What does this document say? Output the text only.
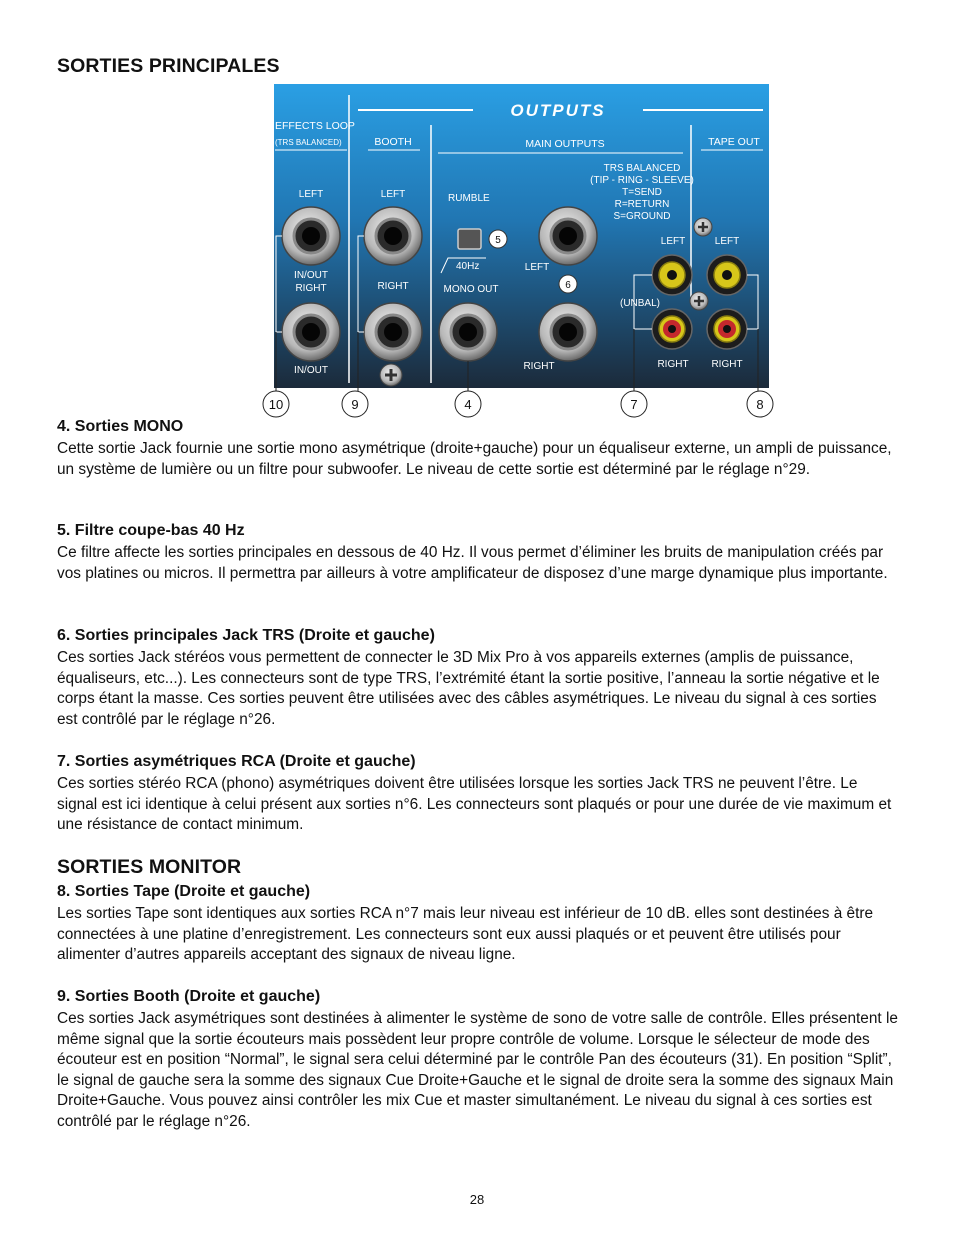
SORTIES PRINCIPALES
4. Sorties MONO

Cette sortie Jack fournie une sortie mono asymétrique (droite+gauche) pour un équaliseur externe, un ampli de puissance, un système de lumière ou un filtre pour subwoofer. Le niveau de cette sortie est déterminé par le réglage n°29.

5. Filtre coupe-bas 40 Hz

Ce filtre affecte les sorties principales en dessous de 40 Hz. Il vous permet d’éliminer les bruits de manipulation créés par vos platines ou micros. Il permettra par ailleurs à votre amplificateur de disposez d’une marge dynamique plus importante.

6. Sorties principales Jack TRS (Droite et gauche)

Ces sorties Jack stéréos vous permettent de connecter le 3D Mix Pro à vos appareils externes (amplis de puissance, équaliseurs, etc...). Les connecteurs sont de type TRS, l’extrémité étant la sortie positive, l’anneau la sortie négative et le corps étant la masse. Ces sorties peuvent être utilisées avec des câbles asymétriques. Le niveau du signal à ces sorties est contrôlé par le réglage n°26.

7. Sorties asymétriques RCA (Droite et gauche)

Ces sorties stéréo RCA (phono) asymétriques doivent être utilisées lorsque les sorties Jack TRS ne peuvent l’être. Le signal est ici identique à celui présent aux sorties n°6. Les connecteurs sont plaqués or pour une durée de vie maximum et une résistance de contact minimum.

SORTIES MONITOR
8. Sorties Tape (Droite et gauche)

Les sorties Tape sont identiques aux sorties RCA n°7 mais leur niveau est inférieur de 10 dB. elles sont destinées à être connectées à une platine d’enregistrement. Les connecteurs sont eux aussi plaqués or et peuvent être utilisés pour alimenter d’autres appareils acceptant des signaux de niveau ligne.

9. Sorties Booth (Droite et gauche)

Ces sorties Jack asymétriques sont destinées à alimenter le système de sono de votre salle de contrôle. Elles présentent le même signal que la sortie écouteurs mais possèdent leur propre contrôle de volume. Lorsque le sélecteur de mode des écouteur est en position “Normal”, le signal sera celui déterminé par le contrôle Pan des écouteurs (31). En position “Split”, le signal de gauche sera la somme des signaux Cue Droite+Gauche et le signal de droite sera la somme des signaux Main Droite+Gauche. Vous pouvez ainsi contrôler les mix Cue et master simultanément. Le niveau du signal à ces sorties est contrôlé par le réglage n°26.

OUTPUTS
EFFECTS LOOP
(TRS BALANCED)	BOOTH	MAIN OUTPUTS	TAPE OUT
TRS BALANCED
(TIP - RING - SLEEVE)
T=SEND
R=RETURN
S=GROUND
LEFT
IN/OUT
RIGHT
IN/OUT
LEFT
RIGHT
RUMBLE
40Hz
5
MONO OUT
LEFT
6
RIGHT
LEFT	LEFT
(UNBAL)
RIGHT RIGHT
10	9	4	7	8
28
